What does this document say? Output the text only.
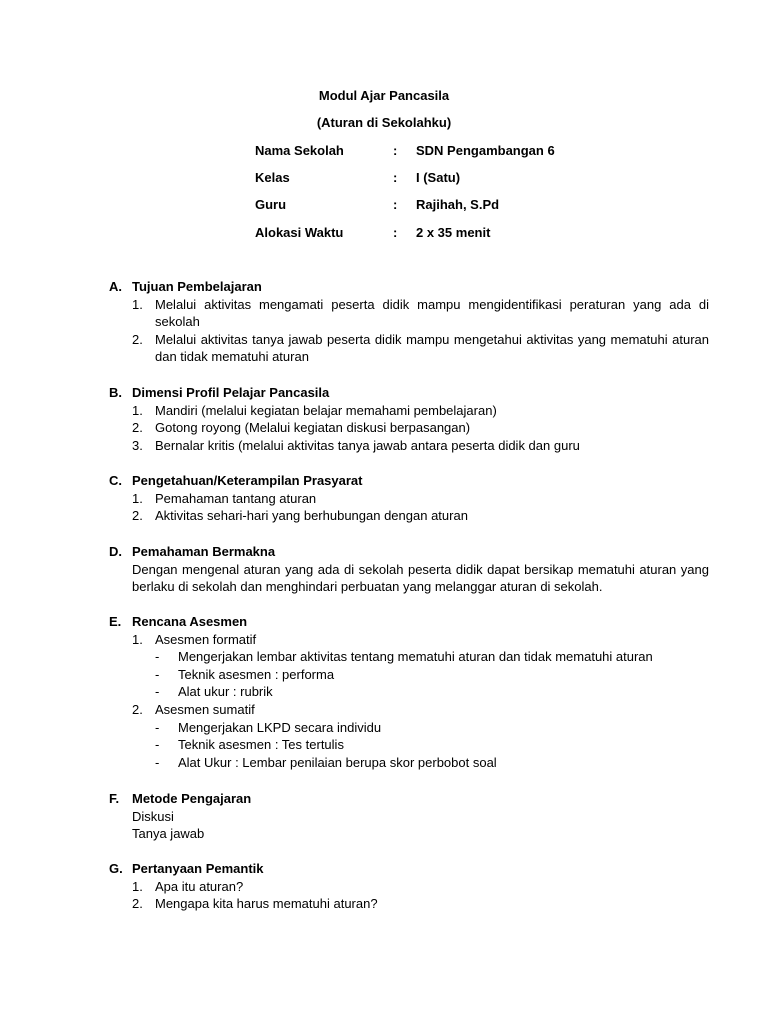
Modul Ajar Pancasila
(Aturan di Sekolahku)
Nama Sekolah	: SDN Pengambangan 6
Kelas	: I (Satu)
Guru	: Rajihah, S.Pd
Alokasi Waktu	: 2 x 35 menit
A. Tujuan Pembelajaran
1. Melalui aktivitas mengamati peserta didik mampu mengidentifikasi peraturan yang ada di sekolah
2. Melalui aktivitas tanya jawab peserta didik mampu mengetahui aktivitas yang mematuhi aturan dan tidak mematuhi aturan
B. Dimensi Profil Pelajar Pancasila
1. Mandiri (melalui kegiatan belajar memahami pembelajaran)
2. Gotong royong (Melalui kegiatan diskusi berpasangan)
3. Bernalar kritis (melalui aktivitas tanya jawab antara peserta didik dan guru
C. Pengetahuan/Keterampilan Prasyarat
1. Pemahaman tantang aturan
2. Aktivitas sehari-hari yang berhubungan dengan aturan
D. Pemahaman Bermakna
Dengan mengenal aturan yang ada di sekolah peserta didik dapat bersikap mematuhi aturan yang berlaku di sekolah dan menghindari perbuatan yang melanggar aturan di sekolah.
E. Rencana Asesmen
1. Asesmen formatif
- Mengerjakan lembar aktivitas tentang mematuhi aturan dan tidak mematuhi aturan
- Teknik asesmen : performa
- Alat ukur : rubrik
2. Asesmen sumatif
- Mengerjakan LKPD secara individu
- Teknik asesmen : Tes tertulis
- Alat Ukur : Lembar penilaian berupa skor perbobot soal
F. Metode Pengajaran
Diskusi
Tanya jawab
G. Pertanyaan Pemantik
1. Apa itu aturan?
2. Mengapa kita harus mematuhi aturan?
